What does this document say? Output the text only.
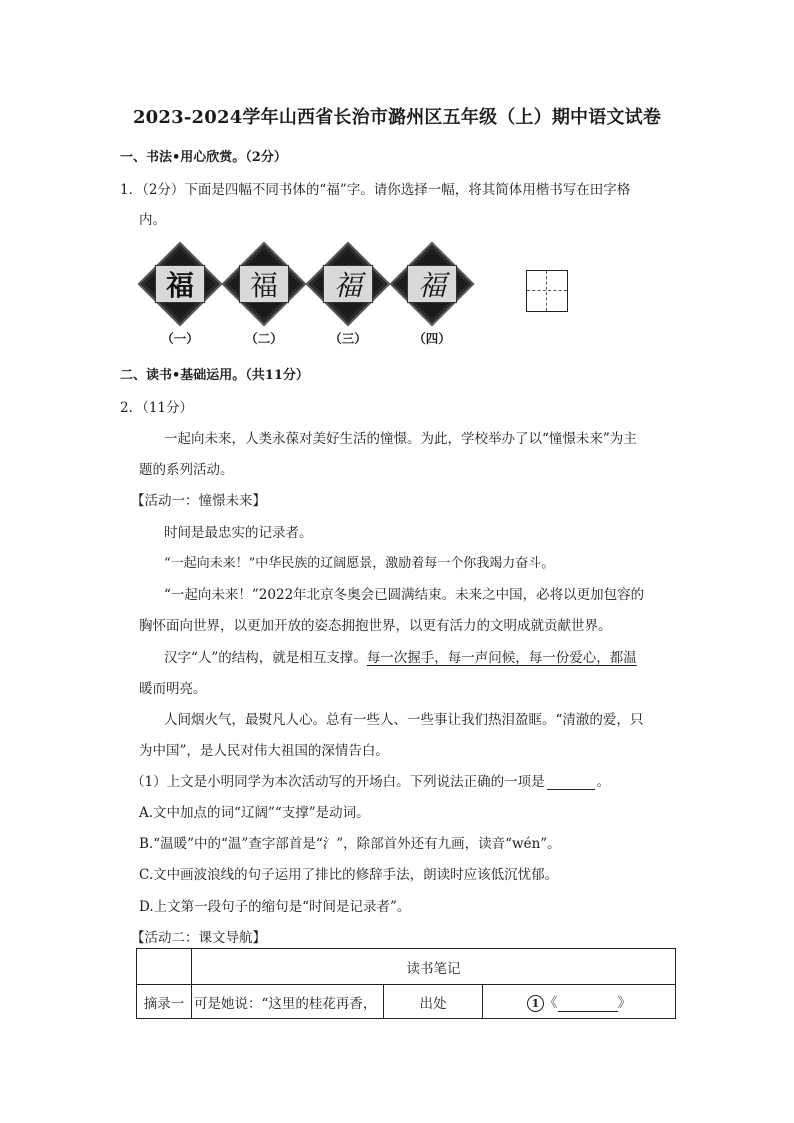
2023-2024学年山西省长治市潞州区五年级（上）期中语文试卷
一、书法•用心欣赏。（2分）
1．（2分）下面是四幅不同书体的“福”字。请你选择一幅，将其简体用楷书写在田字格
内。
福	福	福	福
（一）	（二）	（三）	（四）
二、读书•基础运用。（共11分）
2．（11分）
一起向未来，人类永葆对美好生活的憧憬。为此，学校举办了以“憧憬未来”为主
题的系列活动。
【活动一：憧憬未来】
时间是最忠实的记录者。
“一起向未来！”中华民族的辽阔愿景，激励着每一个你我竭力奋斗。
“一起向未来！”2022年北京冬奥会已圆满结束。未来之中国，必将以更加包容的
胸怀面向世界，以更加开放的姿态拥抱世界，以更有活力的文明成就贡献世界。
汉字“人”的结构，就是相互支撑。每一次握手，每一声问候，每一份爱心，都温
暖而明亮。
人间烟火气，最熨凡人心。总有一些人、一些事让我们热泪盈眶。“清澈的爱，只
为中国”，是人民对伟大祖国的深情告白。
（1）上文是小明同学为本次活动写的开场白。下列说法正确的一项是	。
A.文中加点的词“辽阔”“支撑”是动词。
B.“温暖”中的“温”查字部首是“氵”，除部首外还有九画，读音“wén”。
C.文中画波浪线的句子运用了排比的修辞手法，朗读时应该低沉忧郁。
D.上文第一段句子的缩句是“时间是记录者”。
【活动二：课文导航】
	读书笔记		
摘录一	可是她说：“这里的桂花再香，	出处	1 《 》
